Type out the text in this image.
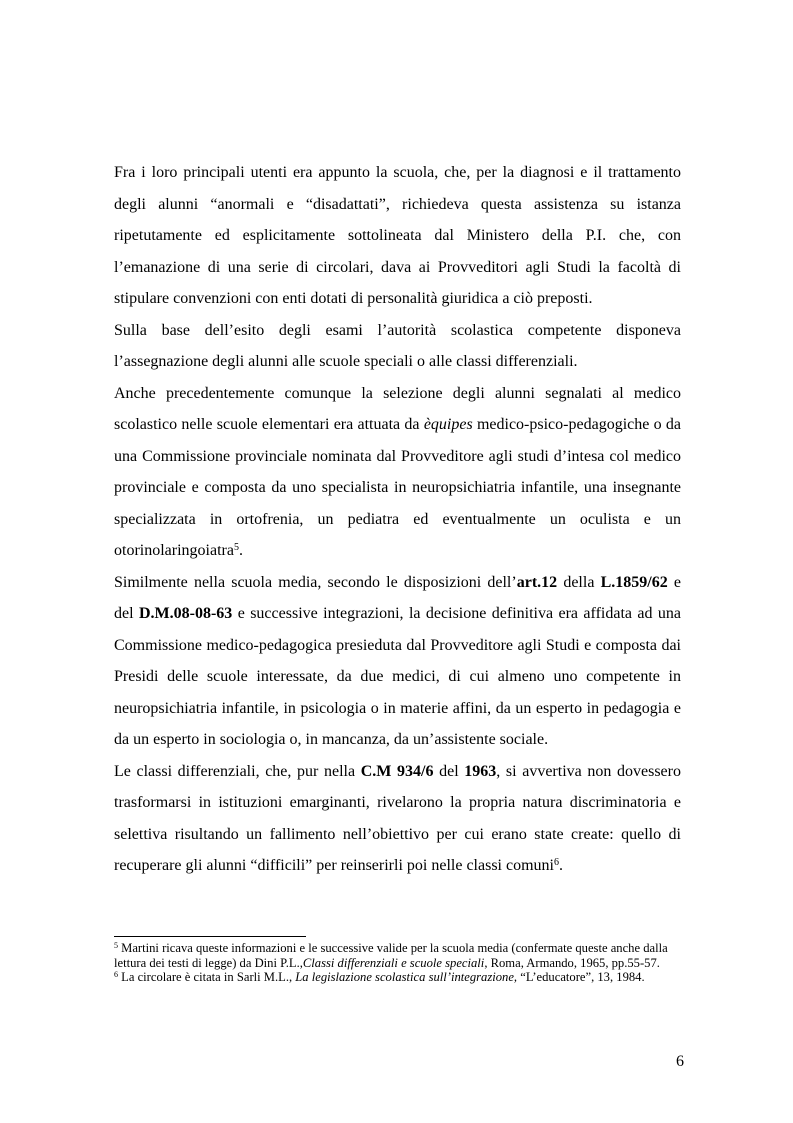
Fra i loro principali utenti era appunto la scuola, che, per la diagnosi e il trattamento degli alunni “anormali e “disadattati”, richiedeva questa assistenza su istanza ripetutamente ed esplicitamente sottolineata dal Ministero della P.I. che, con l’emanazione di una serie di circolari, dava ai Provveditori agli Studi la facoltà di stipulare convenzioni con enti dotati di personalità giuridica a ciò preposti.

Sulla base dell’esito degli esami l’autorità scolastica competente disponeva l’assegnazione degli alunni alle scuole speciali o alle classi differenziali.

Anche precedentemente comunque la selezione degli alunni segnalati al medico scolastico nelle scuole elementari era attuata da èquipes medico-psico-pedagogiche o da una Commissione provinciale nominata dal Provveditore agli studi d’intesa col medico provinciale e composta da uno specialista in neuropsichiatria infantile, una insegnante specializzata in ortofrenia, un pediatra ed eventualmente un oculista e un otorinolaringoiatra$^5$.

Similmente nella scuola media, secondo le disposizioni dell’art.12 della L.1859/62 e del D.M.08-08-63 e successive integrazioni, la decisione definitiva era affidata ad una Commissione medico-pedagogica presieduta dal Provveditore agli Studi e composta dai Presidi delle scuole interessate, da due medici, di cui almeno uno competente in neuropsichiatria infantile, in psicologia o in materie affini, da un esperto in pedagogia e da un esperto in sociologia o, in mancanza, da un’assistente sociale.

Le classi differenziali, che, pur nella C.M 934/6 del 1963, si avvertiva non dovessero trasformarsi in istituzioni emarginanti, rivelarono la propria natura discriminatoria e selettiva risultando un fallimento nell’obiettivo per cui erano state create: quello di recuperare gli alunni “difficili” per reinserirli poi nelle classi comuni$^6$.

$^5$ Martini ricava queste informazioni e le successive valide per la scuola media (confermate queste anche dalla lettura dei testi di legge) da Dini P.L.,Classi differenziali e scuole speciali, Roma, Armando, 1965, pp.55-57.

$^6$ La circolare è citata in Sarli M.L., La legislazione scolastica sull’integrazione, “L’educatore”, 13, 1984.

6
